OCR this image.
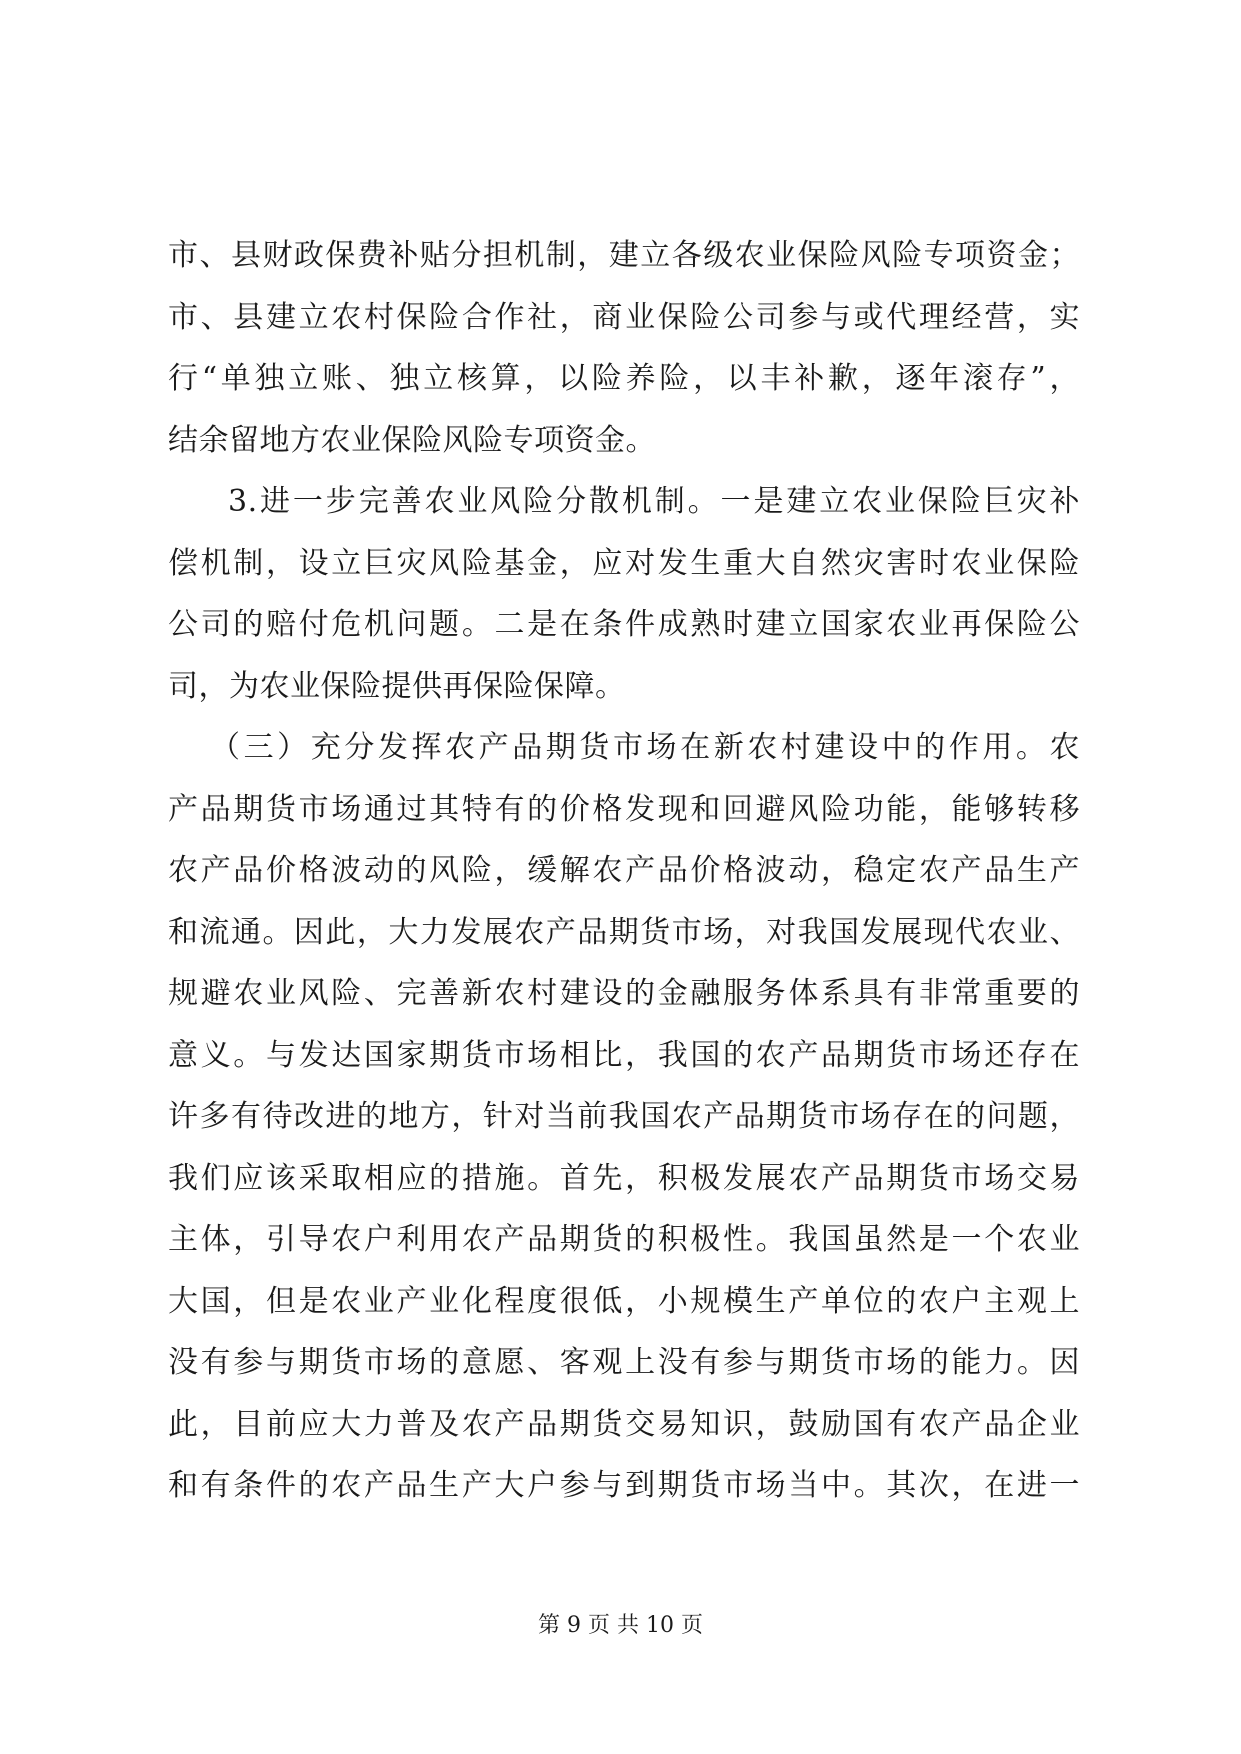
市、县财政保费补贴分担机制，建立各级农业保险风险专项资金；
市、县建立农村保险合作社，商业保险公司参与或代理经营，实
行“单独立账、独立核算，以险养险，以丰补歉，逐年滚存”，
结余留地方农业保险风险专项资金。
3.进一步完善农业风险分散机制。一是建立农业保险巨灾补
偿机制，设立巨灾风险基金，应对发生重大自然灾害时农业保险
公司的赔付危机问题。二是在条件成熟时建立国家农业再保险公
司，为农业保险提供再保险保障。
（三）充分发挥农产品期货市场在新农村建设中的作用。农
产品期货市场通过其特有的价格发现和回避风险功能，能够转移
农产品价格波动的风险，缓解农产品价格波动，稳定农产品生产
和流通。因此，大力发展农产品期货市场，对我国发展现代农业、
规避农业风险、完善新农村建设的金融服务体系具有非常重要的
意义。与发达国家期货市场相比，我国的农产品期货市场还存在
许多有待改进的地方，针对当前我国农产品期货市场存在的问题，
我们应该采取相应的措施。首先，积极发展农产品期货市场交易
主体，引导农户利用农产品期货的积极性。我国虽然是一个农业
大国，但是农业产业化程度很低，小规模生产单位的农户主观上
没有参与期货市场的意愿、客观上没有参与期货市场的能力。因
此，目前应大力普及农产品期货交易知识，鼓励国有农产品企业
和有条件的农产品生产大户参与到期货市场当中。其次，在进一
第 9 页 共 10 页
